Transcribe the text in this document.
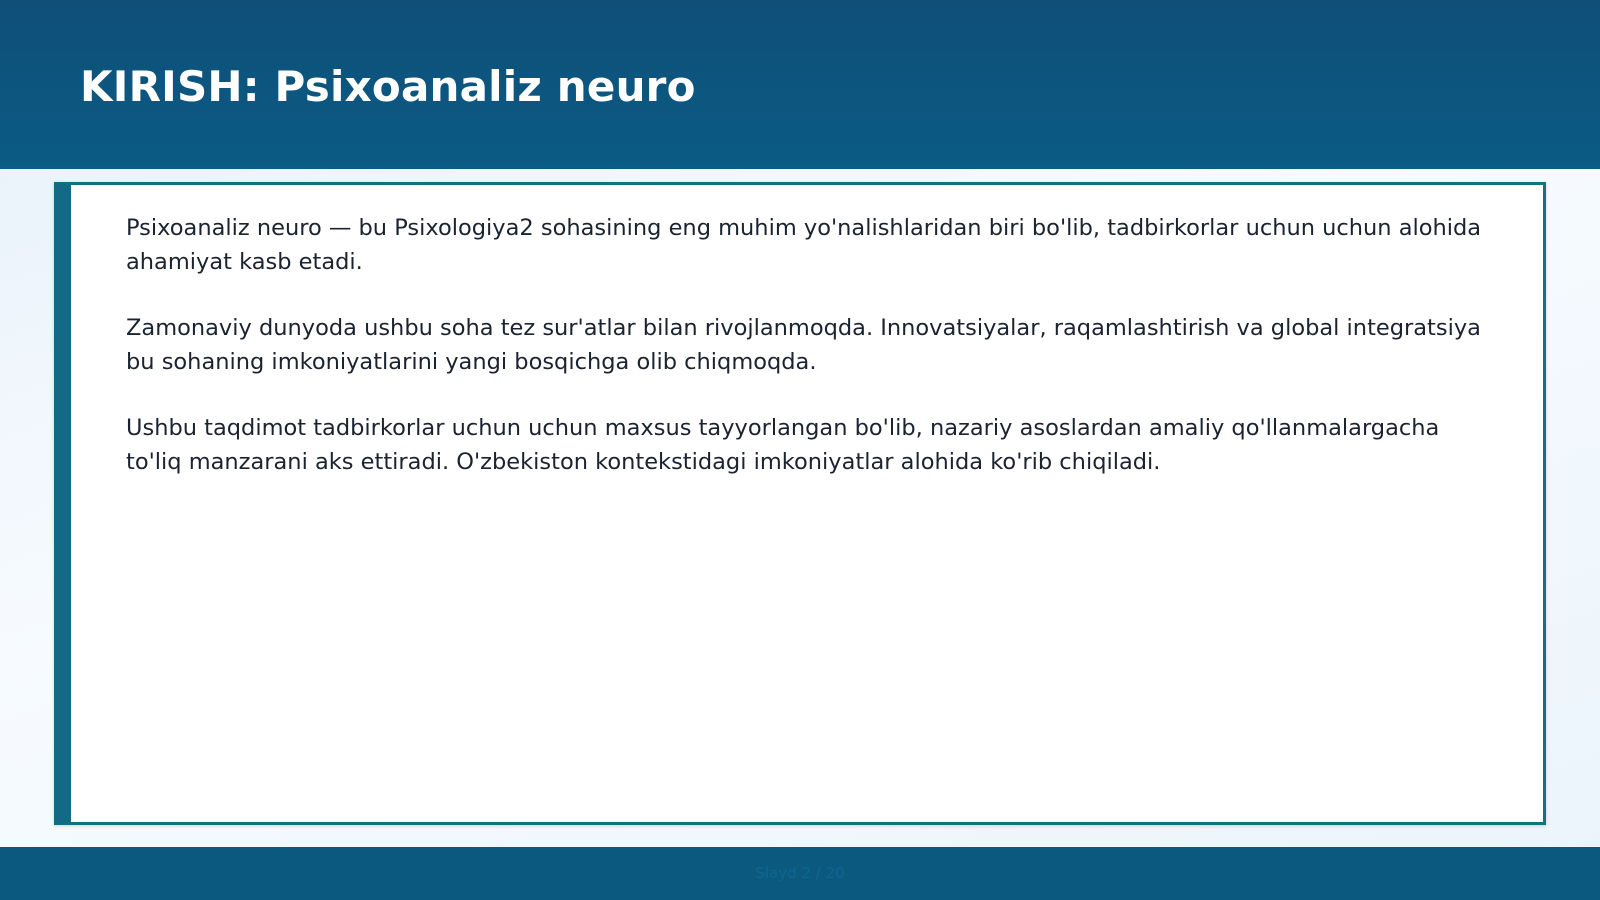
KIRISH: Psixoanaliz neuro

Psixoanaliz neuro — bu Psixologiya2 sohasining eng muhim yo'nalishlaridan biri bo'lib, tadbirkorlar uchun uchun alohida ahamiyat kasb etadi.

Zamonaviy dunyoda ushbu soha tez sur'atlar bilan rivojlanmoqda. Innovatsiyalar, raqamlashtirish va global integratsiya bu sohaning imkoniyatlarini yangi bosqichga olib chiqmoqda.

Ushbu taqdimot tadbirkorlar uchun uchun maxsus tayyorlangan bo'lib, nazariy asoslardan amaliy qo'llanmalargacha to'liq manzarani aks ettiradi. O'zbekiston kontekstidagi imkoniyatlar alohida ko'rib chiqiladi.

Slayd 2 / 20
